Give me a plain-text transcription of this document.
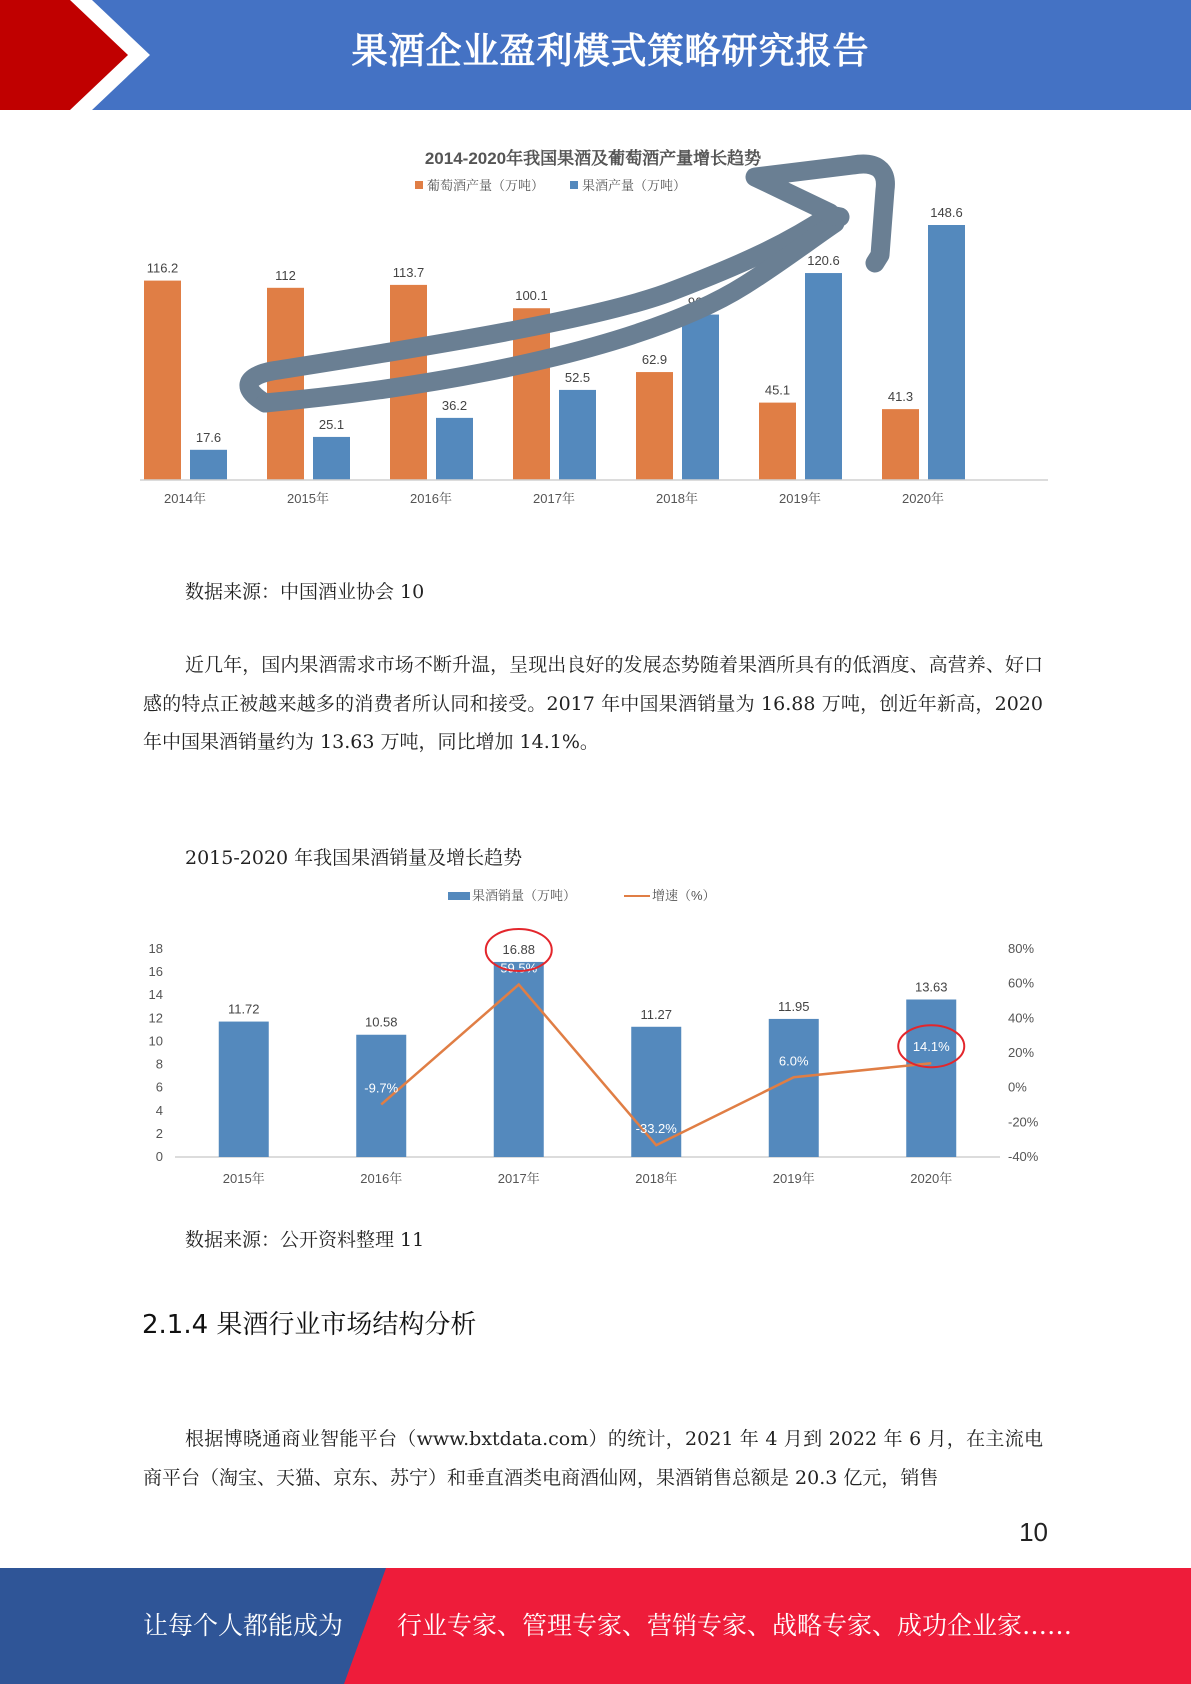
果酒企业盈利模式策略研究报告
2014-2020年我国果酒及葡萄酒产量增长趋势
葡萄酒产量（万吨）	果酒产量（万吨）
116.2
17.6
112
25.1
113.7
36.2
100.1
52.5
62.9
96.4
45.1
120.6
41.3
148.6
2014年	2015年	2016年	2017年	2018年	2019年	2020年
数据来源：中国酒业协会 10
近几年，国内果酒需求市场不断升温，呈现出良好的发展态势随着果酒所具有的低酒度、高营养、好口感的特点正被越来越多的消费者所认同和接受。2017 年中国果酒销量为 16.88 万吨，创近年新高，2020 年中国果酒销量约为 13.63 万吨，同比增加 14.1%。
2015-2020 年我国果酒销量及增长趋势
果酒销量（万吨）	增速（%）
0
2
4
6
8
10
12
14
16
18
-40%
-20%
0%
20%
40%
60%
80%
11.72
10.58
16.88
11.27
11.95
13.63
-9.7%
59.5%
-33.2%
6.0%
14.1%
2015年	2016年	2017年	2018年	2019年	2020年
数据来源：公开资料整理 11
2.1.4 果酒行业市场结构分析
根据博晓通商业智能平台（www.bxtdata.com）的统计，2021 年 4 月到 2022 年 6 月，在主流电商平台（淘宝、天猫、京东、苏宁）和垂直酒类电商酒仙网，果酒销售总额是 20.3 亿元，销售
10
让每个人都能成为 行业专家、管理专家、营销专家、战略专家、成功企业家……
